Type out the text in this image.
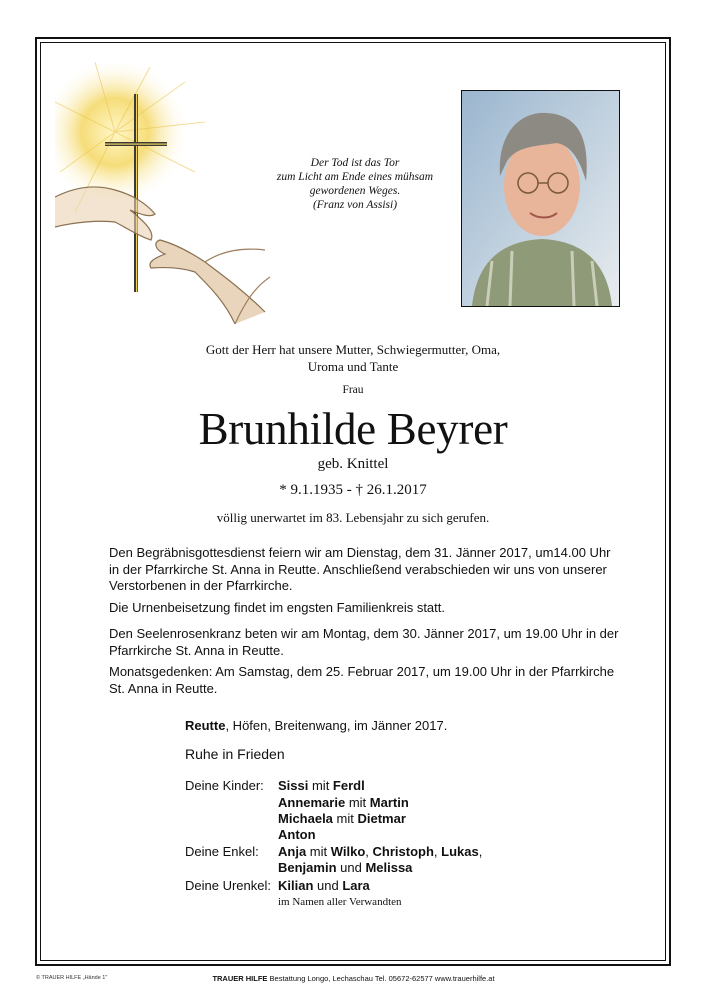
Der Tod ist das Tor
zum Licht am Ende eines mühsam
gewordenen Weges.
(Franz von Assisi)
Gott der Herr hat unsere Mutter, Schwiegermutter, Oma,
Uroma und Tante
Frau
Brunhilde Beyrer
geb. Knittel
* 9.1.1935 - † 26.1.2017
völlig unerwartet im 83. Lebensjahr zu sich gerufen.
Den Begräbnisgottesdienst feiern wir am Dienstag, dem 31. Jänner 2017, um14.00 Uhr
in der Pfarrkirche St. Anna in Reutte. Anschließend verabschieden wir uns von unserer
Verstorbenen in der Pfarrkirche.
Die Urnenbeisetzung findet im engsten Familienkreis statt.
Den Seelenrosenkranz beten wir am Montag, dem 30. Jänner 2017, um 19.00 Uhr in der
Pfarrkirche St. Anna in Reutte.
Monatsgedenken: Am Samstag, dem 25. Februar 2017, um 19.00 Uhr in der Pfarrkirche
St. Anna in Reutte.
Reutte, Höfen, Breitenwang, im Jänner 2017.
Ruhe in Frieden
Deine Kinder: Sissi mit Ferdl
Annemarie mit Martin
Michaela mit Dietmar
Anton
Deine Enkel: Anja mit Wilko, Christoph, Lukas,
Benjamin und Melissa
Deine Urenkel: Kilian und Lara
im Namen aller Verwandten
© TRAUER HILFE „Hände 1"	TRAUER HILFE Bestattung Longo, Lechaschau Tel. 05672-62577 www.trauerhilfe.at
